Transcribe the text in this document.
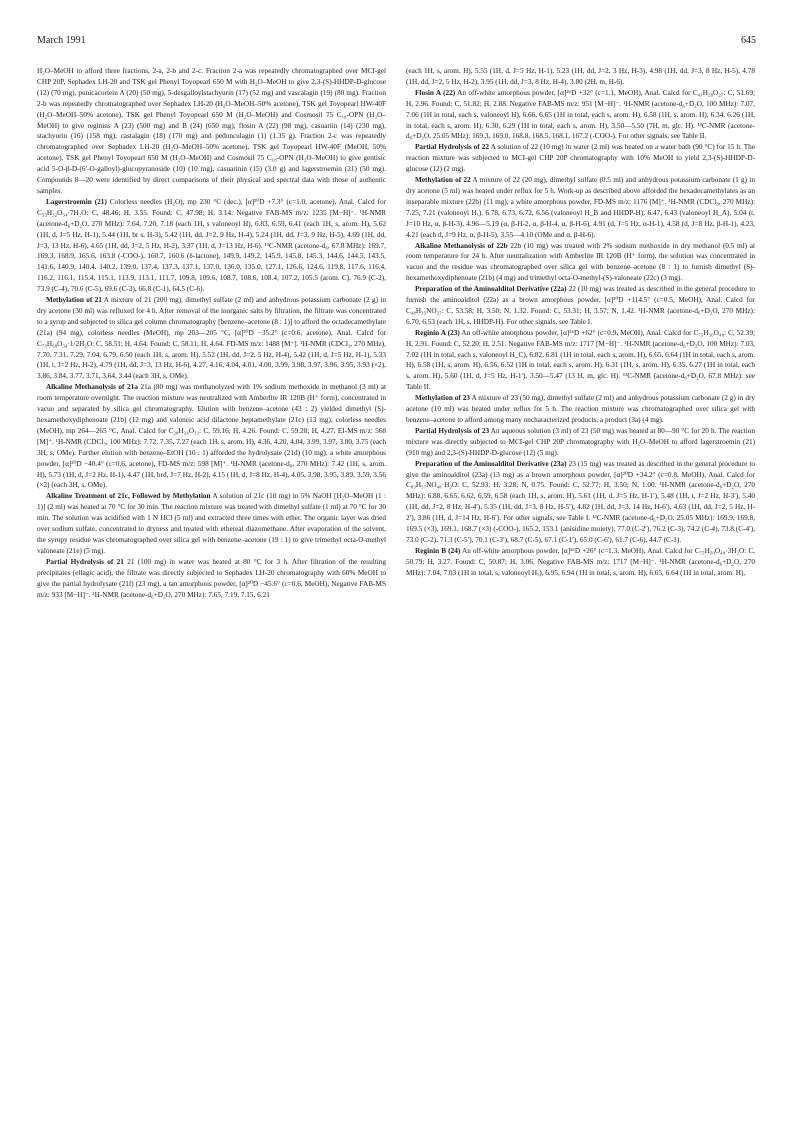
March 1991	645

H₂O–MeOH to afford three fractions, 2-a, 2-b and 2-c. Fraction 2-a was repeatedly chromatographed over MCI-gel CHP 20P, Sephadex LH-20 and TSK gel Phenyl Toyopearl 650 M with H₂O–MeOH to give 2,3-(S)-HHDP-D-glucose (12) (70 mg), punicacortein A (20) (50 mg), 5-desgalloylstachyurin (17) (52 mg) and vascalagin (19) (80 mg). Fraction 2-b was repeatedly chromatographed over Sephadex LH-20 (H₂O–MeOH–50% acetone), TSK gel Toyopearl HW-40F (H₂O–MeOH–50% acetone), TSK gel Phenyl Toyopearl 650 M (H₂O–MeOH) and Cosmosil 75 C₁₈-OPN (H₂O–MeOH) to give reginins A (23) (500 mg) and B (24) (650 mg), flosin A (22) (98 mg), casuariin (14) (230 mg), stachyurin (16) (158 mg), castalagin (18) (170 mg) and pedunculagin (1) (1.35 g). Fraction 2-c was repeatedly chromatographed over Sephadex LH-20 (H₂O–MeOH–50% acetone), TSK gel Toyopearl HW-40F (MeOH, 50% acetone), TSK gel Phenyl Toyopearl 650 M (H₂O–MeOH) and Cosmosil 75 C₁₈-OPN (H₂O–MeOH) to give gentisic acid 5-O-β-D-(6′-O-galloyl)-glucopyranoside (10) (10 mg), casuarinin (15) (3.0 g) and lagerstroemin (21) (50 mg). Compounds 8—20 were identified by direct comparisons of their physical and spectral data with those of authentic samples.

Lagerstroemin (21) Colorless needles (H₂O), mp 230 °C (dec.), [α]²⁰D +7.3° (c=1.0, acetone), Anal. Calcd for C₅₅H₃₂O₃₄·7H₂O: C, 48.46; H, 3.55. Found: C, 47.98; H, 3.14. Negative FAB-MS m/z: 1235 [M−H]⁻. ¹H-NMR (acetone-d₆+D₂O, 270 MHz): 7.64, 7.20, 7.18 (each 1H, s valoneoyl H), 6.83, 6.59, 6.41 (each 1H, s, arom. H), 5.62 (1H, d, J=5 Hz, H-1), 5.44 (1H, br s, H-3), 5.42 (1H, dd, J=2, 9 Hz, H-4), 5.24 (1H, dd, J=3, 9 Hz, H-5), 4.69 (1H, dd, J=3, 13 Hz, H-6), 4.65 (1H, dd, J=2, 5 Hz, H-2), 3.37 (1H, d, J=13 Hz, H-6). ¹³C-NMR (acetone-d₆, 67.8 MHz): 169.7, 169.3, 168.9, 165.6, 163.8 (-COO-), 160.7, 160.6 (δ-lactone), 149.9, 149.2, 145.9, 145.8, 145.3, 144.6, 144.5, 143.5, 141.6, 140.9, 140.4, 140.2, 139.0, 137.4, 137.3, 137.1, 137.0, 136.0, 135.0, 127.1, 126.6, 124.6, 119.8, 117.6, 116.4, 116.2, 116.1, 115.4, 115.1, 113.9, 113.1, 111.7, 109.8, 109.6, 108.7, 108.6, 108.4, 107.2, 105.5 (arom. C), 76.9 (C-2), 73.9 (C-4), 70.6 (C-5), 69.6 (C-3), 66.8 (C-1), 64.5 (C-6).

Methylation of 21 A mixture of 21 (200 mg), dimethyl sulfate (2 ml) and anhydrous potassium carbonate (2 g) in dry acetone (30 ml) was refluxed for 4 h. After removal of the inorganic salts by filtration, the filtrate was concentrated to a syrup and subjected to silica gel column chromatography [benzene–acetone (8 : 1)] to afford the octadecamethylate (21a) (94 mg), colorless needles (MeOH), mp 203—205 °C, [α]²⁰D −35.2° (c=0.6, acetone), Anal. Calcd for C₇₃H₆₈O₃₄·1/2H₂O: C, 58.51; H, 4.64. Found: C, 58.11; H, 4.64. FD-MS m/z: 1488 [M⁺]. ¹H-NMR (CDCl₃, 270 MHz), 7.70, 7.31, 7.29, 7.04, 6.79, 6.50 (each 1H, s, arom. H), 5.52 (1H, dd, J=2, 5 Hz, H-4), 5.42 (1H, d, J=5 Hz, H-1), 5.33 (1H, t, J=2 Hz, H-2), 4.79 (1H, dd, J=3, 13 Hz, H-6), 4.27, 4.16, 4.04, 4.01, 4.00, 3.99, 3.98, 3.97, 3.96, 3.95, 3.93 (×2), 3.86, 3.84, 3.77, 3.71, 3.64, 3.44 (each 3H, s, OMe).

Alkaline Methanolysis of 21a 21a (80 mg) was methanolyzed with 1% sodium methoxide in methanol (3 ml) at room temperature overnight. The reaction mixture was neutralized with Amberlite IR 120B (H⁺ form), concentrated in vacuo and separated by silica gel chromatography. Elution with benzene–acetone (43 : 2) yielded dimethyl (S)-hexamethoxydiphenoate (21b) (12 mg) and valoneic acid dilactone heptamethylate (21c) (13 mg), colorless needles (MeOH), mp 264—265 °C, Anal. Calcd for C₂₈H₂₄O₁₃: C, 59.16; H, 4.26. Found: C, 59.28; H, 4.27. EI-MS m/z: 568 [M]⁺. ¹H-NMR (CDCl₃, 100 MHz): 7.72, 7.35, 7.27 (each 1H, s, arom. H), 4.36, 4.20, 4.04, 3.99, 3.97, 3.80, 3.75 (each 3H, s, OMe). Further elution with benzene–EtOH (10 : 1) afforded the hydrolysate (21d) (10 mg), a white amorphous powder, [α]²⁰D −40.4° (c=0.6, acetone), FD-MS m/z: 598 [M]⁺. ¹H-NMR (acetone-d₆, 270 MHz): 7.42 (1H, s, arom. H), 5.73 (1H, d, J=2 Hz, H-1), 4.47 (1H, brd, J=7 Hz, H-2), 4.15 (1H, d, J=8 Hz, H-4), 4.05, 3.98, 3.95, 3.89, 3.59, 3.56 (×2) (each 3H, s, OMe).

Alkaline Treatment of 21c, Followed by Methylation A solution of 21c (10 mg) in 5% NaOH [H₂O–MeOH (1 : 1)] (2 ml) was heated at 70 °C for 30 min. The reaction mixture was treated with dimethyl sulfate (1 ml) at 70 °C for 30 min. The solution was acidified with 1 N HCl (5 ml) and extracted three times with ether. The organic layer was dried over sodium sulfate, concentrated to dryness and treated with ethereal diazomethane. After evaporation of the solvent, the syrupy residue was chromatographed over silica gel with benzene–acetone (19 : 1) to give trimethyl octa-O-methyl valoneate (21e) (5 mg).

Partial Hydrolysis of 21 21 (100 mg) in water was heated at 80 °C for 3 h. After filtration of the resulting precipitates (ellagic acid), the filtrate was directly subjected to Sephadex LH-20 chromatography with 60% MeOH to give the partial hydrolysate (21f) (23 mg), a tan amorphous powder, [α]²⁰D −45.6° (c=0.6, MeOH), Negative FAB-MS m/z: 933 [M−H]⁻. ¹H-NMR (acetone-d₆+D₂O, 270 MHz): 7.65, 7.19, 7.15, 6.21

(each 1H, s, arom. H), 5.55 (1H, d, J=5 Hz, H-1), 5.23 (1H, dd, J=2, 3 Hz, H-3), 4.98 (1H, dd, J=3, 8 Hz, H-5), 4.78 (1H, dd, J=2, 5 Hz, H-2), 3.95 (1H, dd, J=3, 8 Hz, H-4), 3.80 (2H, m, H-6).

Flosin A (22) An off-white amorphous powder, [α]²⁶D +32° (c=1.1, MeOH), Anal. Calcd for C₄₁H₂₈O₂₇: C, 51.69; H, 2.96. Found: C, 51.82; H, 2.88. Negative FAB-MS m/z: 951 [M−H]⁻. ¹H-NMR (acetone-d₆+D₂O, 100 MHz): 7.07, 7.06 (1H in total, each s, valoneoyl H), 6.66, 6.65 (1H in total, each s, arom. H), 6.58 (1H, s, arom. H), 6.34, 6.26 (1H, in total, each s, arom. H), 6.30, 6.29 (1H in total, each s, arom. H), 3.50—5.50 (7H, m, glc. H). ¹³C-NMR (acetone-d₆+D₂O, 25.05 MHz): 169.3, 169.0, 168.8, 168.5, 168.1, 167.2 (-COO-). For other signals, see Table II.

Partial Hydrolysis of 22 A solution of 22 (10 mg) in water (2 ml) was heated on a water bath (90 °C) for 15 h. The reaction mixture was subjected to MCI-gel CHP 20P chromatography with 10% MeOH to yield 2,3-(S)-HHDP-D-glucose (12) (2 mg).

Methylation of 22 A mixture of 22 (20 mg), dimethyl sulfate (0.5 ml) and anhydrous potassium carbonate (1 g) in dry acetone (5 ml) was heated under reflux for 5 h. Work-up as described above afforded the hexadecamethylates as an inseparable mixture (22b) (11 mg), a white amorphous powder, FD-MS m/z: 1176 [M]⁺. ¹H-NMR (CDCl₃, 270 MHz): 7.25, 7.21 (valoneoyl Hₓ), 6.78, 6.73, 6.72, 6.56 (valoneoyl H_B and HHDP-H), 6.47, 6.43 (valoneoyl H_A), 5.04 (t, J=10 Hz, α, β-H-3), 4.96—5.19 (α, β-H-2, α, β-H-4, α, β-H-6), 4.91 (d, J=5 Hz, α-H-1), 4.58 (d, J=8 Hz, β-H-1), 4.23, 4.21 (each d, J=9 Hz, α, β-H-5), 3.55—4.10 (OMe and α, β-H-6).

Alkaline Methanolysis of 22b 22b (10 mg) was treated with 2% sodium methoxide in dry methanol (0.5 ml) at room temperature for 24 h. After neutralization with Amberlite IR 120B (H⁺ form), the solution was concentrated in vacuo and the residue was chromatographed over silica gel with benzene–acetone (8 : 1) to furnish dimethyl (S)-hexamethoxydiphenoate (21b) (4 mg) and trimethyl octa-O-methyl-(S)-valoneate (22c) (3 mg).

Preparation of the Aminoalditol Derivative (22a) 22 (10 mg) was treated as described in the general procedure to furnish the aminoalditol (22a) as a brown amorphous powder, [α]²⁰D +114.5° (c=0.5, MeOH), Anal. Calcd for C₄₈H₃₅NO₂₇: C, 53.58; H, 3.50; N, 1.32. Found: C, 53.31; H, 3.57; N, 1.42. ¹H-NMR (acetone-d₆+D₂O, 270 MHz): 6.70, 6.53 (each 1H, s, HHDP-H). For other signals, see Table I.

Reginin A (23) An off-white amorphous powder, [α]²⁶D +62° (c=0.9, MeOH), Anal. Calcd for C₇₅H₅₀O₄₈: C, 52.39; H, 2.91. Found: C, 52.20; H, 2.51. Negative FAB-MS m/z: 1717 [M−H]⁻. ¹H-NMR (acetone-d₆+D₂O, 100 MHz): 7.03, 7.02 (1H in total, each s, valoneoyl H_C), 6.82, 6.81 (1H in total, each s, arom. H), 6.65, 6.64 (1H in total, each s, arom. H), 6.58 (1H, s, arom. H), 6.56, 6.52 (1H in total, each s, arom. H), 6.31 (1H, s, arom. H), 6.35, 6.27 (1H in total, each s, arom. H), 5.60 (1H, d, J=5 Hz, H-1′), 3.50—5.47 (13 H, m, glc. H). ¹³C-NMR (acetone-d₆+D₂O, 67.8 MHz): see Table II.

Methylation of 23 A mixture of 23 (50 mg), dimethyl sulfate (2 ml) and anhydrous potassium carbonate (2 g) in dry acetone (10 ml) was heated under reflux for 5 h. The reaction mixture was chromatographed over silica gel with benzene–acetone to afford among many uncharacterized products, a product (3a) (4 mg).

Partial Hydrolysis of 23 An aqueous solution (3 ml) of 23 (50 mg) was heated at 80—90 °C for 20 h. The reaction mixture was directly subjected to MCI-gel CHP 20P chromatography with H₂O–MeOH to afford lagerstroemin (21) (910 mg) and 2,3-(S)-HHDP-D-glucose (12) (5 mg).

Preparation of the Aminoalditol Derivative (23a) 23 (15 mg) was treated as described in the general procedure to give the aminoalditol (23a) (13 mg) as a brown amorphous powder, [α]²⁰D +34.2° (c=0.8, MeOH), Anal. Calcd for C₈₃H₅₇NO₄₈·H₂O: C, 52.93; H, 3.28; N, 0.75. Found: C, 52.77; H, 3.50; N, 1.00. ¹H-NMR (acetone-d₆+D₂O, 270 MHz): 6.88, 6.65, 6.62, 6.59, 6.58 (each 1H, s, arom. H), 5.61 (1H, d, J=5 Hz, H-1′), 5.48 (1H, t, J=2 Hz, H-3′), 5.40 (1H, dd, J=2, 8 Hz, H-4′), 5.35 (1H, dd, J=3, 8 Hz, H-5′), 4.82 (1H, dd, J=3, 14 Hz, H-6′), 4.63 (1H, dd, J=2, 5 Hz, H-2′), 3.86 (1H, d, J=14 Hz, H-6′). For other signals, see Table I. ¹³C-NMR (acetone-d₆+D₂O, 25.05 MHz): 169.9, 169.8, 169.5 (×3), 169.1, 168.7 (×3) (-COO-), 165.2, 153.1 (anisidine moiety), 77.0 (C-2′), 76.2 (C-3), 74.2 (C-4), 73.8 (C-4′), 73.0 (C-2), 71.3 (C-5′), 70.1 (C-3′), 68.7 (C-5), 67.1 (C-1′), 65.0 (C-6′), 61.7 (C-6), 44.7 (C-1).

Reginin B (24) An off-white amorphous powder, [α]²⁶D +26° (c=1.3, MeOH), Anal. Calcd for C₇₅H₅₀O₄₈·3H₂O: C, 50.79; H, 3.27. Found: C, 50.87; H, 3.06. Negative FAB-MS m/z: 1717 [M−H]⁻. ¹H-NMR (acetone-d₆+D₂O, 270 MHz): 7.04, 7.03 (1H in total, s, valoneoyl Hₓ), 6.95, 6.94 (1H in total, s, arom. H), 6.65, 6.64 (1H in total, arom. H),
